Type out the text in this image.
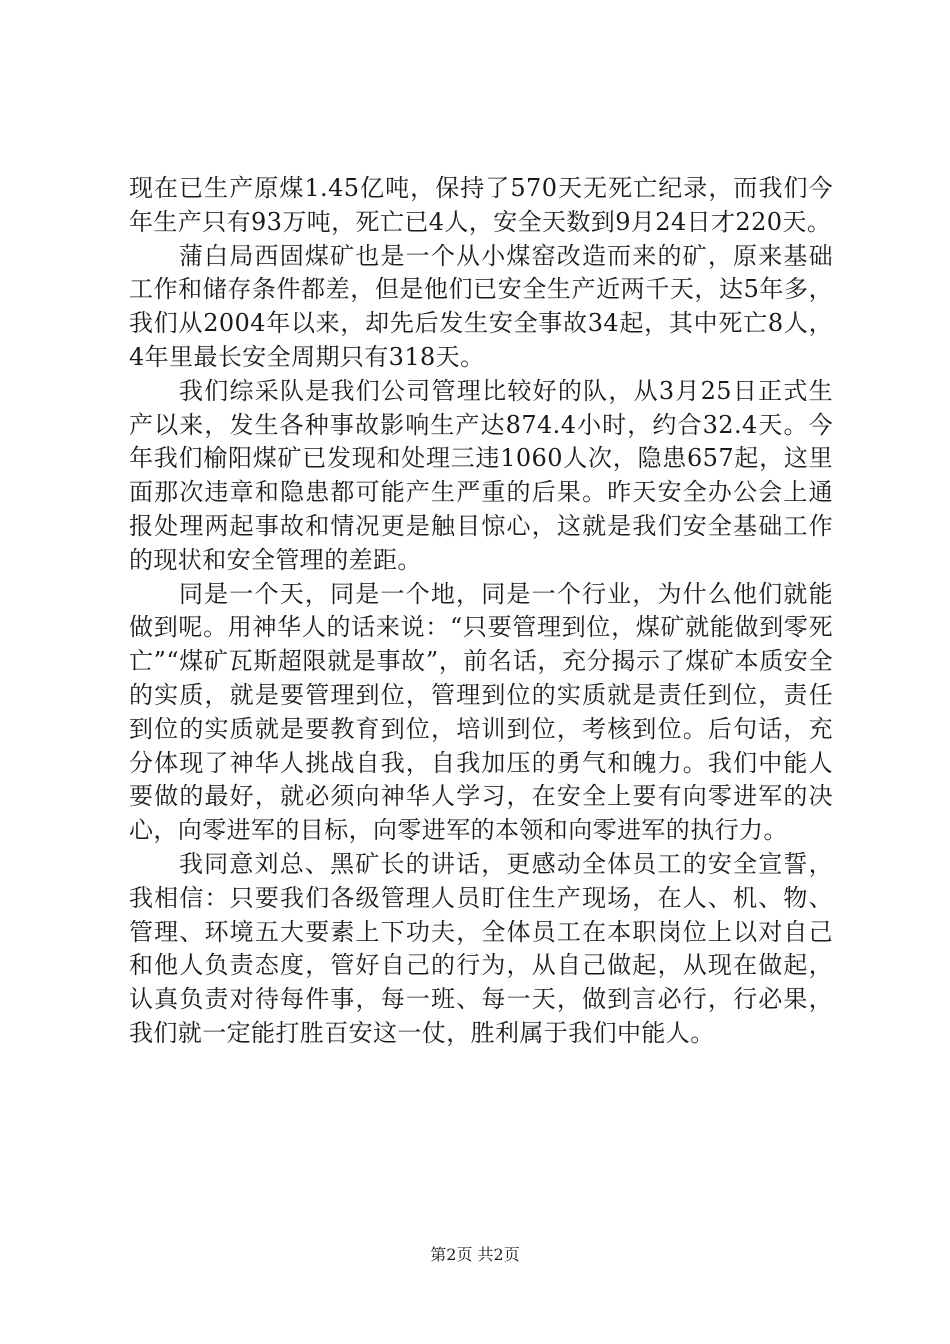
现在已生产原煤1.45亿吨，保持了570天无死亡纪录，而我们今年生产只有93万吨，死亡已4人，安全天数到9月24日才220天。

蒲白局西固煤矿也是一个从小煤窑改造而来的矿，原来基础工作和储存条件都差，但是他们已安全生产近两千天，达5年多，我们从2004年以来，却先后发生安全事故34起，其中死亡8人，4年里最长安全周期只有318天。

我们综采队是我们公司管理比较好的队，从3月25日正式生产以来，发生各种事故影响生产达874.4小时，约合32.4天。今年我们榆阳煤矿已发现和处理三违1060人次，隐患657起，这里面那次违章和隐患都可能产生严重的后果。昨天安全办公会上通报处理两起事故和情况更是触目惊心，这就是我们安全基础工作的现状和安全管理的差距。

同是一个天，同是一个地，同是一个行业，为什么他们就能做到呢。用神华人的话来说：“只要管理到位，煤矿就能做到零死亡”“煤矿瓦斯超限就是事故”，前名话，充分揭示了煤矿本质安全的实质，就是要管理到位，管理到位的实质就是责任到位，责任到位的实质就是要教育到位，培训到位，考核到位。后句话，充分体现了神华人挑战自我，自我加压的勇气和魄力。我们中能人要做的最好，就必须向神华人学习，在安全上要有向零进军的决心，向零进军的目标，向零进军的本领和向零进军的执行力。

我同意刘总、黑矿长的讲话，更感动全体员工的安全宣誓，我相信：只要我们各级管理人员盯住生产现场，在人、机、物、管理、环境五大要素上下功夫，全体员工在本职岗位上以对自己和他人负责态度，管好自己的行为，从自己做起，从现在做起，认真负责对待每件事，每一班、每一天，做到言必行，行必果，我们就一定能打胜百安这一仗，胜利属于我们中能人。

第2页 共2页
